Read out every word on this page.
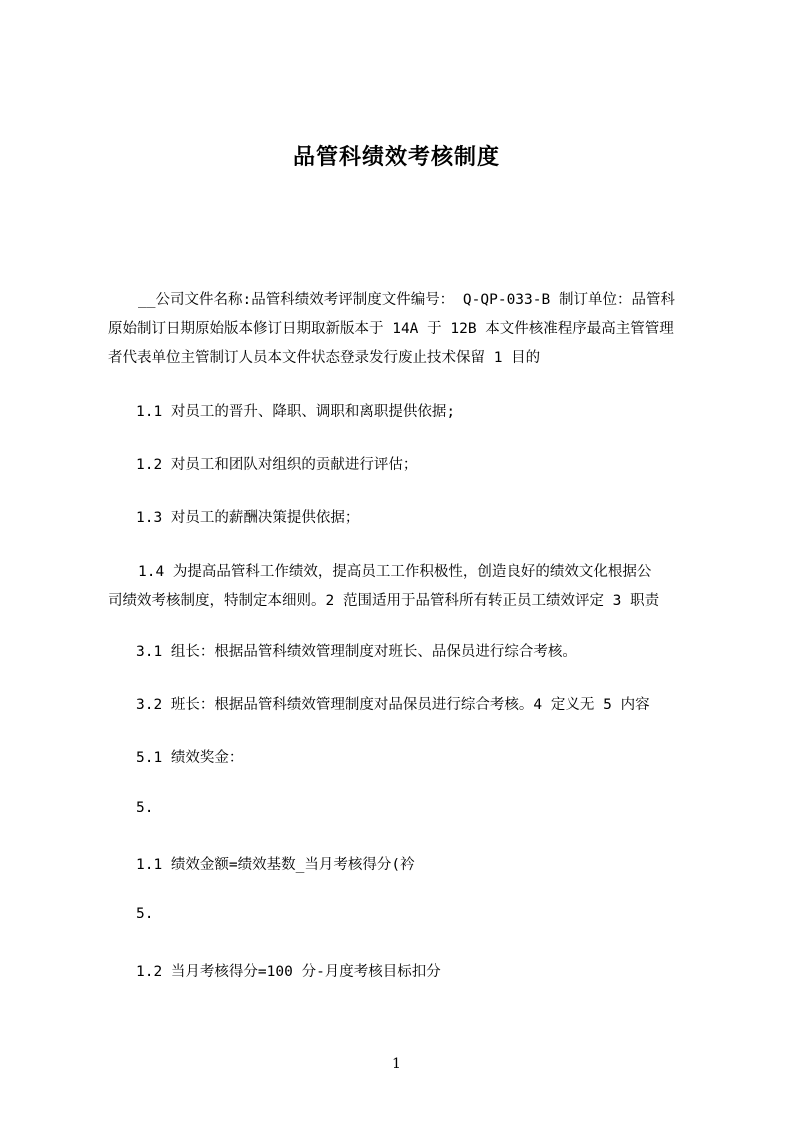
品管科绩效考核制度
__公司文件名称:品管科绩效考评制度文件编号： Q-QP-033-B 制订单位：品管科
原始制订日期原始版本修订日期取新版本于 14A 于 12B 本文件核准程序最高主管管理
者代表单位主管制订人员本文件状态登录发行废止技术保留 1 目的
1.1 对员工的晋升、降职、调职和离职提供依据;
1.2 对员工和团队对组织的贡献进行评估；
1.3 对员工的薪酬决策提供依据；
1.4 为提高品管科工作绩效，提高员工工作积极性，创造良好的绩效文化根据公
司绩效考核制度，特制定本细则。2 范围适用于品管科所有转正员工绩效评定 3 职责
3.1 组长：根据品管科绩效管理制度对班长、品保员进行综合考核。
3.2 班长：根据品管科绩效管理制度对品保员进行综合考核。4 定义无 5 内容
5.1 绩效奖金：
5.
1.1 绩效金额=绩效基数_当月考核得分(衿
5.
1.2 当月考核得分=100 分-月度考核目标扣分
1
